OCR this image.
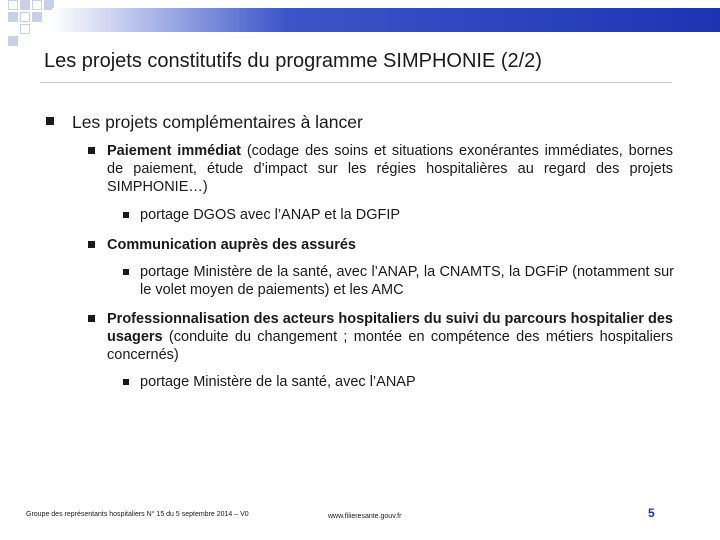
Les projets constitutifs du programme SIMPHONIE (2/2)
Les projets complémentaires à lancer
Paiement immédiat (codage des soins et situations exonérantes immédiates, bornes de paiement, étude d’impact sur les régies hospitalières au regard des projets SIMPHONIE…)
portage DGOS avec l’ANAP et la DGFIP
Communication auprès des assurés
portage Ministère de la santé, avec l’ANAP, la CNAMTS, la DGFiP (notamment sur le volet moyen de paiements) et les AMC
Professionnalisation des acteurs hospitaliers du suivi du parcours hospitalier des usagers (conduite du changement ; montée en compétence des métiers hospitaliers concernés)
portage Ministère de la santé, avec l’ANAP
Groupe des représentants hospitaliers N° 15 du 5 septembre 2014 – V0	www.filieresante.gouv.fr	5
